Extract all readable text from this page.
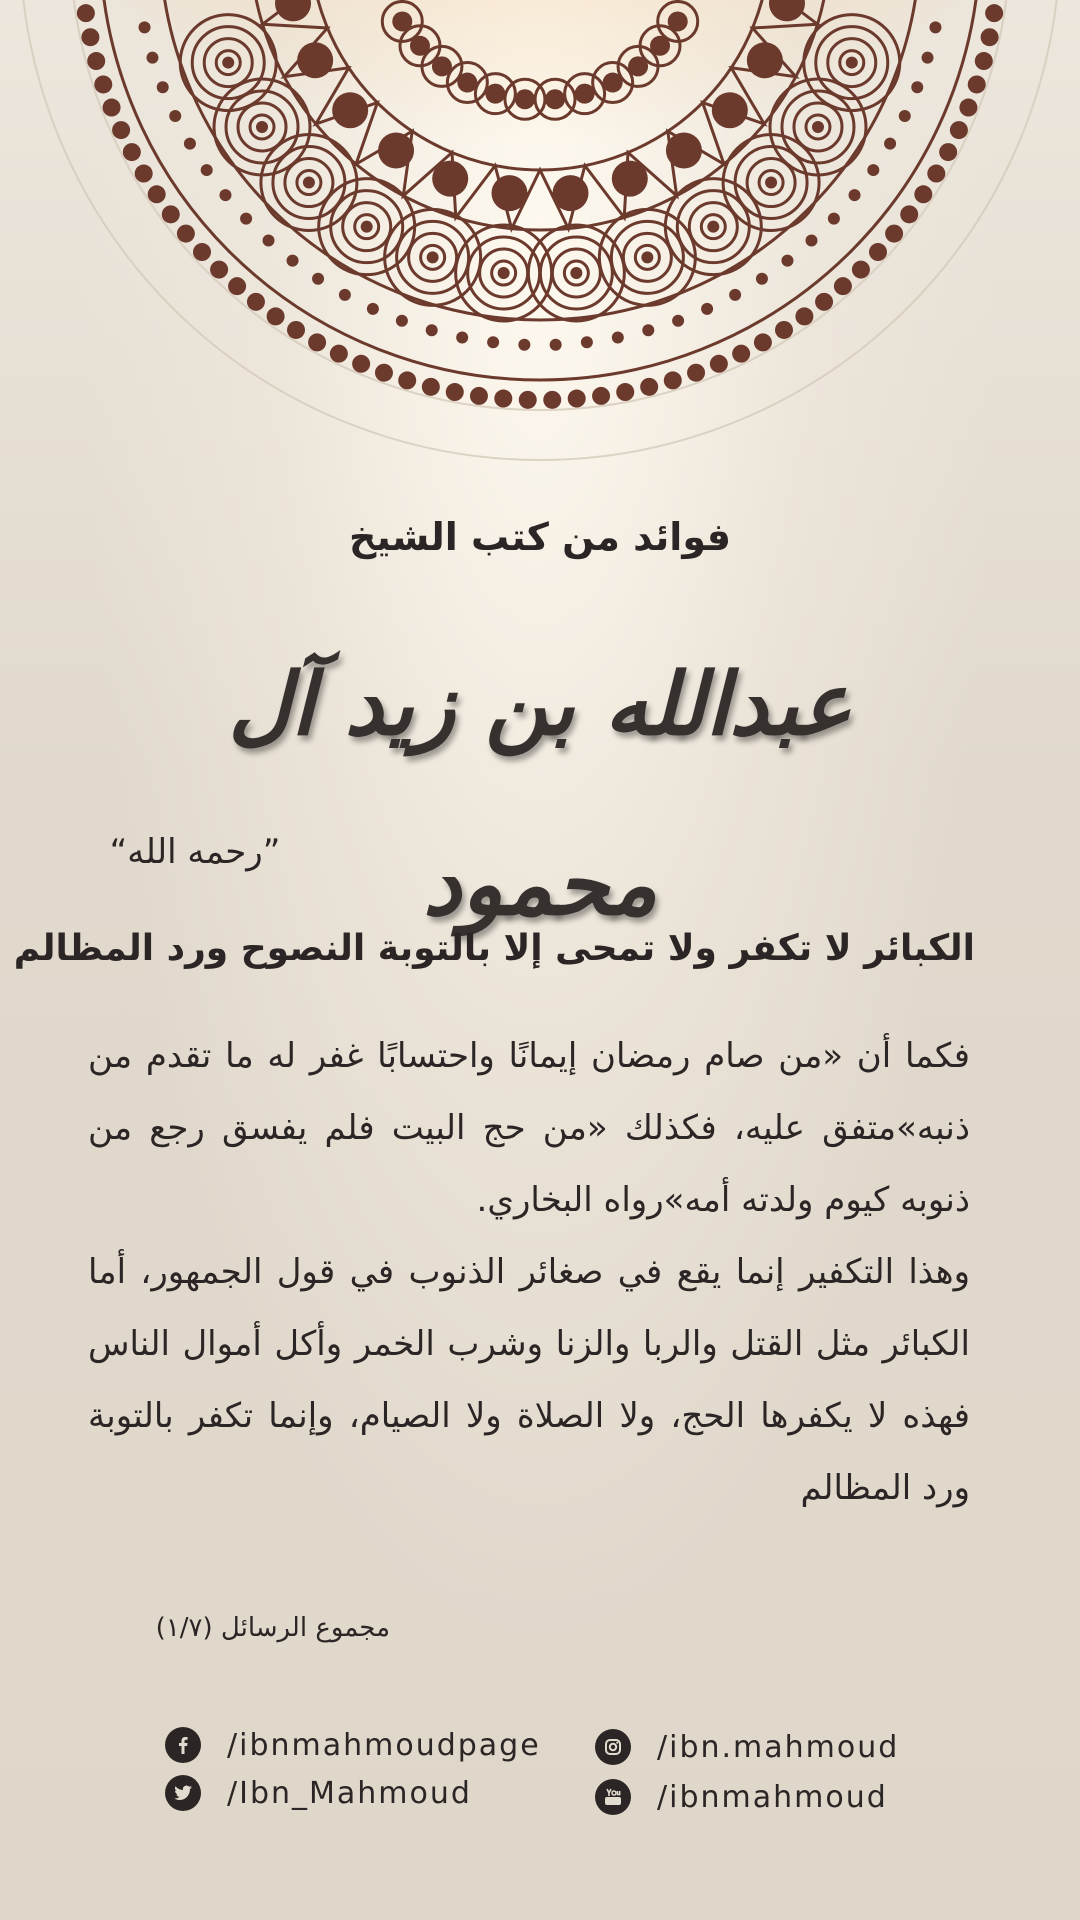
فوائد من كتب الشيخ
عبدالله بن زيد آل محمود
”رحمه الله“
الكبائر لا تكفر ولا تمحى إلا بالتوبة النصوح ورد المظالم

فكما أن «من صام رمضان إيمانًا واحتسابًا غفر له ما تقدم من ذنبه»متفق عليه، فكذلك «من حج البيت فلم يفسق رجع من ذنوبه كيوم ولدته أمه»رواه البخاري.

وهذا التكفير إنما يقع في صغائر الذنوب في قول الجمهور، أما الكبائر مثل القتل والربا والزنا وشرب الخمر وأكل أموال الناس فهذه لا يكفرها الحج، ولا الصلاة ولا الصيام، وإنما تكفر بالتوبة ورد المظالم

مجموع الرسائل (١/٧)
/ibnmahmoudpage	/ibn.mahmoud
/Ibn_Mahmoud	/ibnmahmoud
